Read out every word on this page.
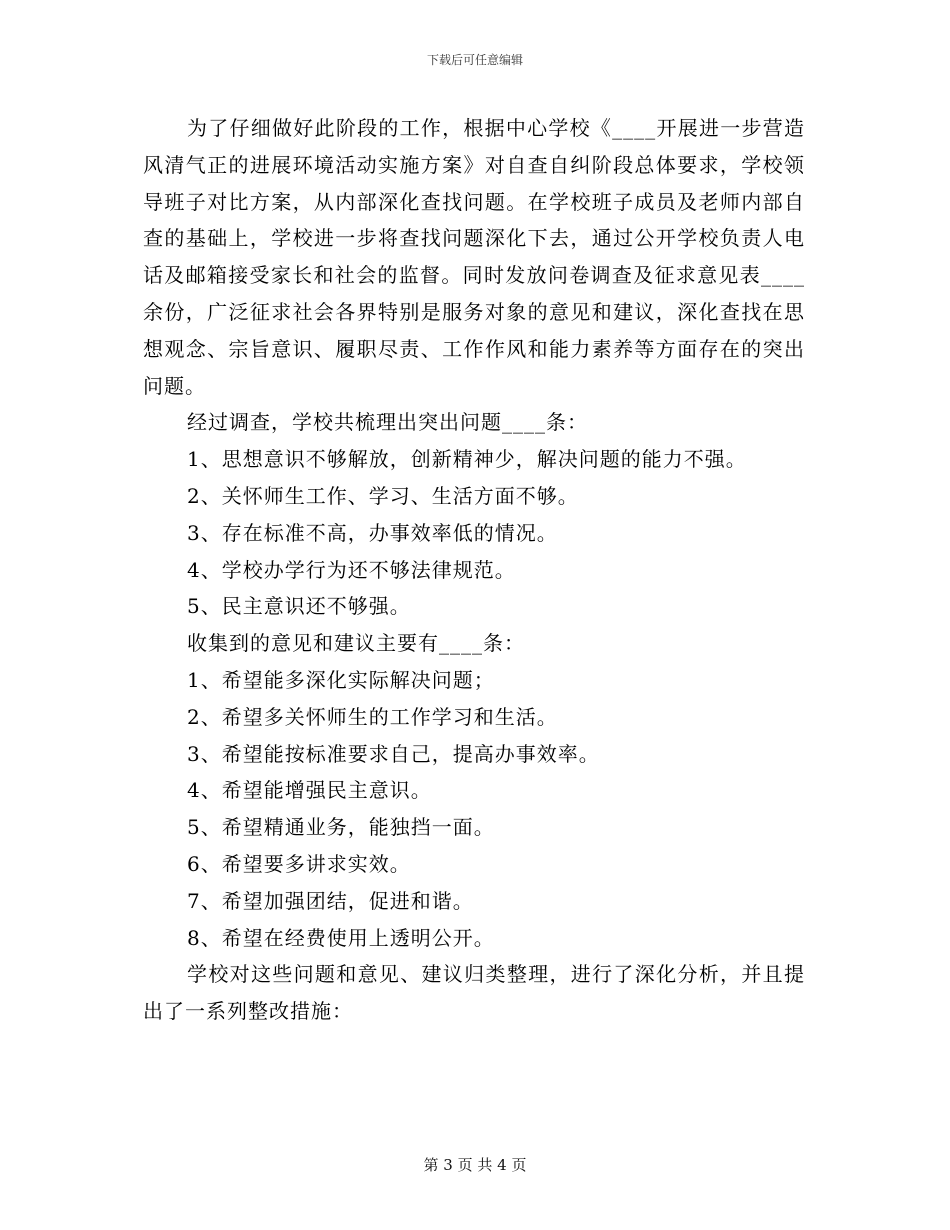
下载后可任意编辑

为了仔细做好此阶段的工作，根据中心学校《____开展进一步营造风清气正的进展环境活动实施方案》对自查自纠阶段总体要求，学校领导班子对比方案，从内部深化查找问题。在学校班子成员及老师内部自查的基础上，学校进一步将查找问题深化下去，通过公开学校负责人电话及邮箱接受家长和社会的监督。同时发放问卷调查及征求意见表____余份，广泛征求社会各界特别是服务对象的意见和建议，深化查找在思想观念、宗旨意识、履职尽责、工作作风和能力素养等方面存在的突出问题。

经过调查，学校共梳理出突出问题____条：

1、思想意识不够解放，创新精神少，解决问题的能力不强。

2、关怀师生工作、学习、生活方面不够。

3、存在标准不高，办事效率低的情况。

4、学校办学行为还不够法律规范。

5、民主意识还不够强。

收集到的意见和建议主要有____条：

1、希望能多深化实际解决问题；

2、希望多关怀师生的工作学习和生活。

3、希望能按标准要求自己，提高办事效率。

4、希望能增强民主意识。

5、希望精通业务，能独挡一面。

6、希望要多讲求实效。

7、希望加强团结，促进和谐。

8、希望在经费使用上透明公开。

学校对这些问题和意见、建议归类整理，进行了深化分析，并且提出了一系列整改措施：

第 3 页 共 4 页
